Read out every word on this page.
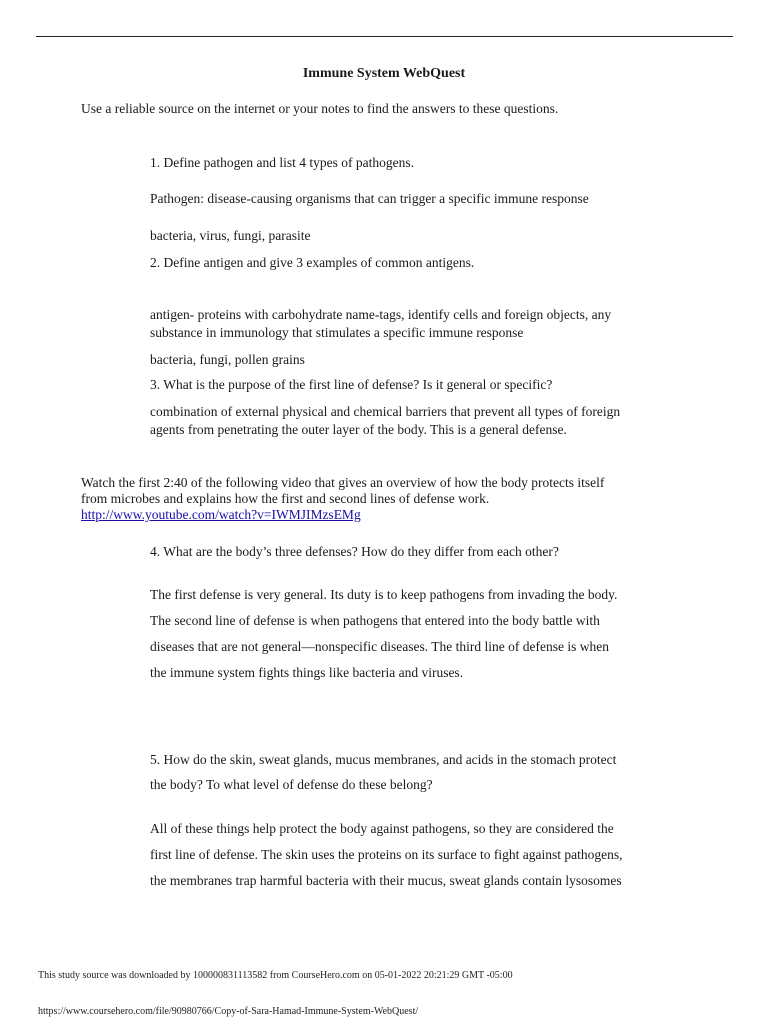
Immune System WebQuest
Use a reliable source on the internet or your notes to find the answers to these questions.
1. Define pathogen and list 4 types of pathogens.
Pathogen: disease-causing organisms that can trigger a specific immune response
bacteria, virus, fungi, parasite
2. Define antigen and give 3 examples of common antigens.
antigen- proteins with carbohydrate name-tags, identify cells and foreign objects, any
substance in immunology that stimulates a specific immune response
bacteria, fungi, pollen grains
3. What is the purpose of the first line of defense? Is it general or specific?
combination of external physical and chemical barriers that prevent all types of foreign
agents from penetrating the outer layer of the body. This is a general defense.
Watch the first 2:40 of the following video that gives an overview of how the body protects itself
from microbes and explains how the first and second lines of defense work.
http://www.youtube.com/watch?v=IWMJIMzsEMg
4. What are the body’s three defenses? How do they differ from each other?
The first defense is very general. Its duty is to keep pathogens from invading the body.
The second line of defense is when pathogens that entered into the body battle with
diseases that are not general—nonspecific diseases. The third line of defense is when
the immune system fights things like bacteria and viruses.
5. How do the skin, sweat glands, mucus membranes, and acids in the stomach protect
the body? To what level of defense do these belong?
All of these things help protect the body against pathogens, so they are considered the
first line of defense. The skin uses the proteins on its surface to fight against pathogens,
the membranes trap harmful bacteria with their mucus, sweat glands contain lysosomes
This study source was downloaded by 100000831113582 from CourseHero.com on 05-01-2022 20:21:29 GMT -05:00
https://www.coursehero.com/file/90980766/Copy-of-Sara-Hamad-Immune-System-WebQuest/
